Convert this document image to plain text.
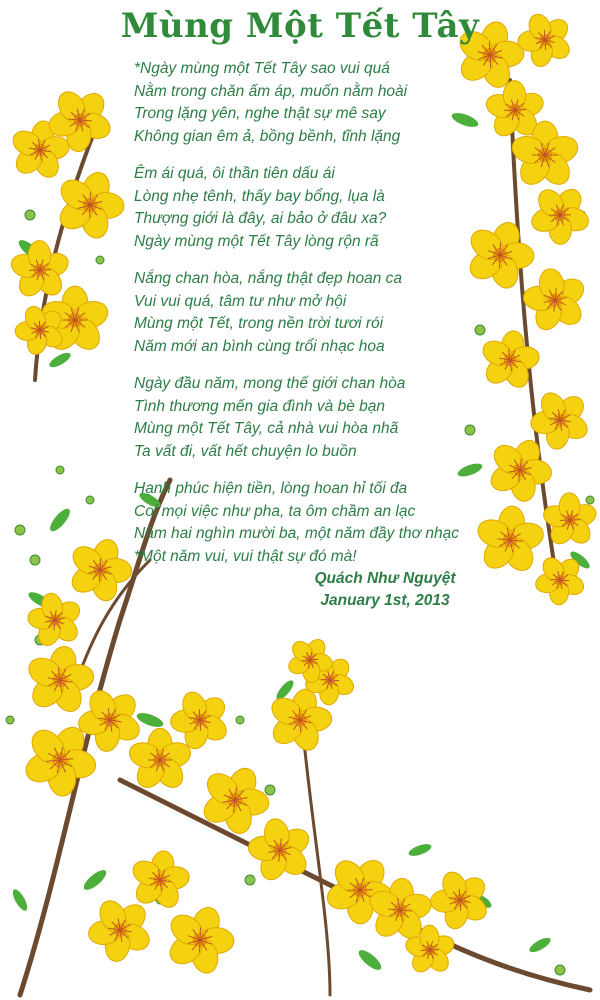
Mùng Một Tết Tây
*Ngày mùng một Tết Tây sao vui quá
Nằm trong chăn ấm áp, muốn nằm hoài
Trong lặng yên, nghe thật sự mê say
Không gian êm ả, bồng bềnh, tĩnh lặng
Êm ái quá, ôi thần tiên dấu ái
Lòng nhẹ tênh, thấy bay bổng, lụa là
Thượng giới là đây, ai bảo ở đâu xa?
Ngày mùng một Tết Tây lòng rộn rã
Nắng chan hòa, nắng thật đẹp hoan ca
Vui vui quá, tâm tư như mở hội
Mùng một Tết, trong nền trời tươi rói
Năm mới an bình cùng trổi nhạc hoa
Ngày đầu năm, mong thế giới chan hòa
Tình thương mến gia đình và bè bạn
Mùng một Tết Tây, cả nhà vui hòa nhã
Ta vất đi, vất hết chuyện lo buồn
Hạnh phúc hiện tiền, lòng hoan hỉ tối đa
Coi mọi việc như pha, ta ôm chầm an lạc
Năm hai nghìn mười ba, một năm đầy thơ nhạc
*Một năm vui, vui thật sự đó mà!
Quách Như Nguyệt
January 1st, 2013
